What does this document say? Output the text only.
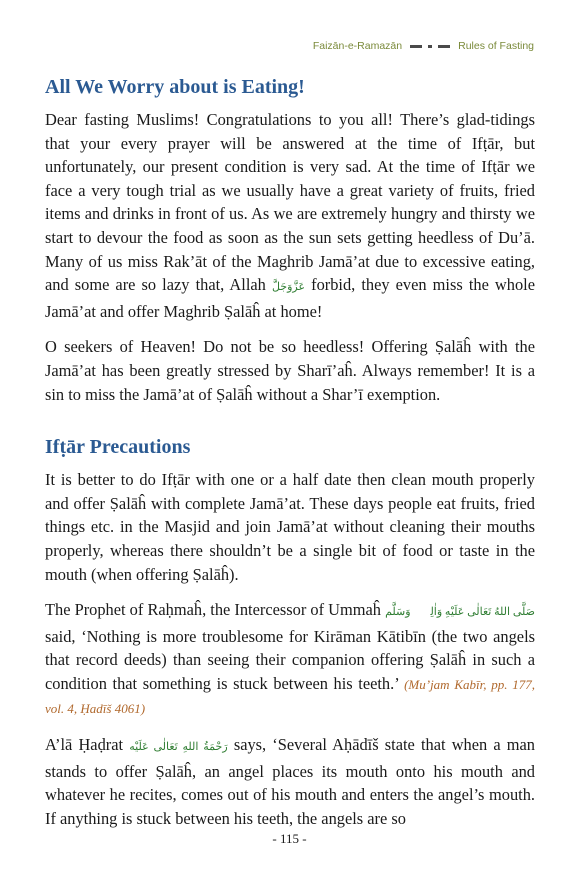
Faizān-e-Ramazān	Rules of Fasting
All We Worry about is Eating!

Dear fasting Muslims! Congratulations to you all! There’s glad-tidings that your every prayer will be answered at the time of Ifṭār, but unfortunately, our present condition is very sad. At the time of Ifṭār we face a very tough trial as we usually have a great variety of fruits, fried items and drinks in front of us. As we are extremely hungry and thirsty we start to devour the food as soon as the sun sets getting heedless of Du’ā. Many of us miss Rak’āt of the Maghrib Jamā’at due to excessive eating, and some are so lazy that, Allah عَزَّوَجَلَّ forbid, they even miss the whole Jamā’at and offer Maghrib Ṣalāĥ at home!

O seekers of Heaven! Do not be so heedless! Offering Ṣalāĥ with the Jamā’at has been greatly stressed by Sharī’aĥ. Always remember! It is a sin to miss the Jamā’at of Ṣalāĥ without a Shar’ī exemption.

Ifṭār Precautions

It is better to do Ifṭār with one or a half date then clean mouth properly and offer Ṣalāĥ with complete Jamā’at. These days people eat fruits, fried things etc. in the Masjid and join Jamā’at without cleaning their mouths properly, whereas there shouldn’t be a single bit of food or taste in the mouth (when offering Ṣalāĥ).

The Prophet of Raḥmaĥ, the Intercessor of Ummaĥ صَلَّى اللهُ تَعَالٰى عَلَيْهِ وَاٰلِهٖ وَسَلَّم said, ‘Nothing is more troublesome for Kirāman Kātibīn (the two angels that record deeds) than seeing their companion offering Ṣalāĥ in such a condition that something is stuck between his teeth.’ (Mu’jam Kabīr, pp. 177, vol. 4, Ḥadīš 4061)

A’lā Ḥaḍrat رَحْمَةُ اللهِ تَعَالٰى عَلَيْه says, ‘Several Aḥādīš state that when a man stands to offer Ṣalāĥ, an angel places its mouth onto his mouth and whatever he recites, comes out of his mouth and enters the angel’s mouth. If anything is stuck between his teeth, the angels are so

- 115 -
